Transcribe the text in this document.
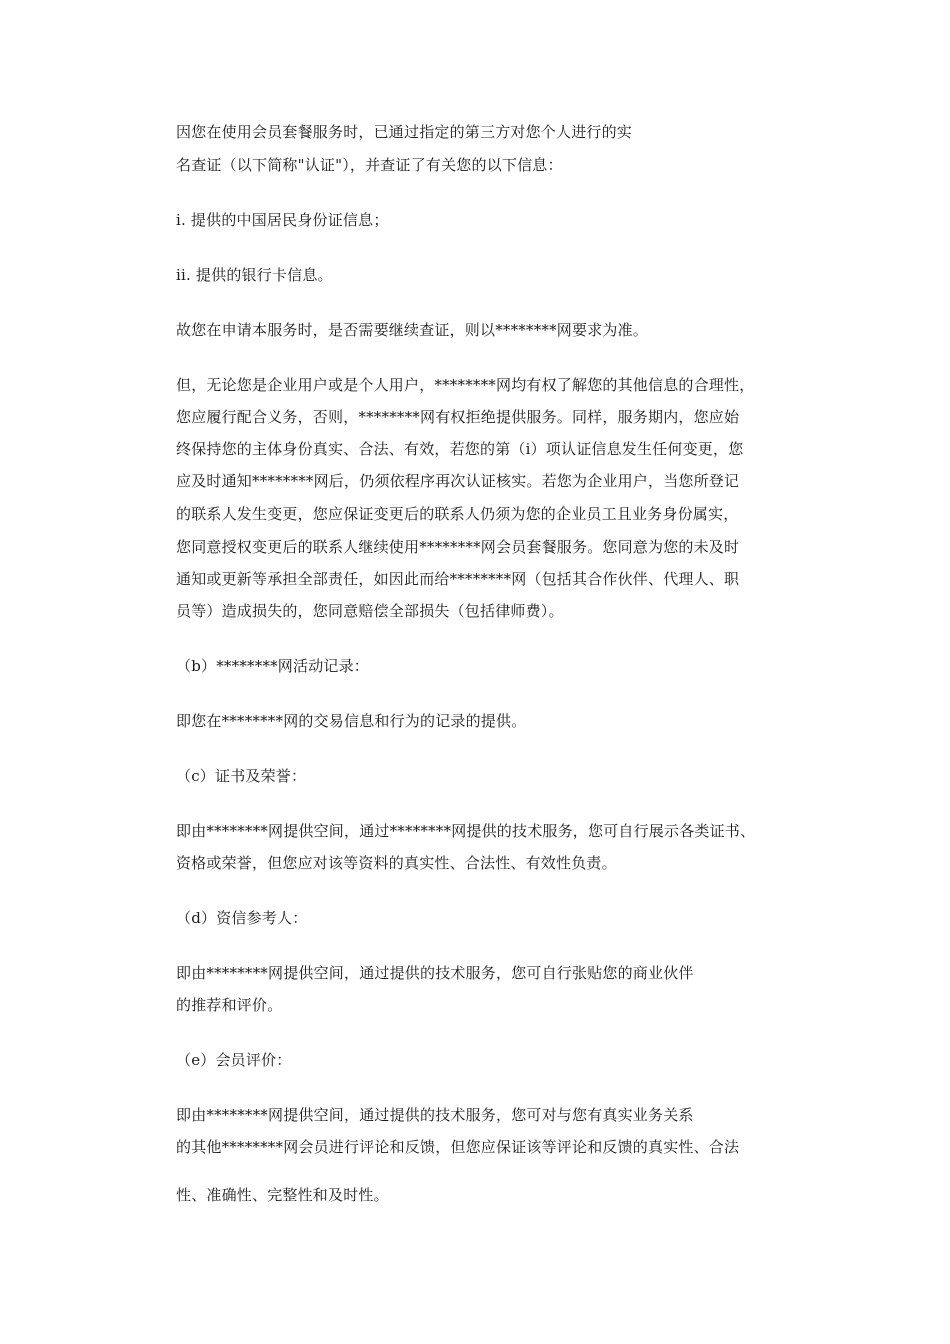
因您在使用会员套餐服务时，已通过指定的第三方对您个人进行的实
名查证（以下简称"认证"），并查证了有关您的以下信息：
i. 提供的中国居民身份证信息；
ii. 提供的银行卡信息。
故您在申请本服务时，是否需要继续查证，则以********网要求为准。
但，无论您是企业用户或是个人用户，********网均有权了解您的其他信息的合理性，
您应履行配合义务，否则，********网有权拒绝提供服务。同样，服务期内，您应始
终保持您的主体身份真实、合法、有效，若您的第（i）项认证信息发生任何变更，您
应及时通知********网后，仍须依程序再次认证核实。若您为企业用户，当您所登记
的联系人发生变更，您应保证变更后的联系人仍须为您的企业员工且业务身份属实，
您同意授权变更后的联系人继续使用********网会员套餐服务。您同意为您的未及时
通知或更新等承担全部责任，如因此而给********网（包括其合作伙伴、代理人、职
员等）造成损失的，您同意赔偿全部损失（包括律师费）。
（b）********网活动记录：
即您在********网的交易信息和行为的记录的提供。
（c）证书及荣誉：
即由********网提供空间，通过********网提供的技术服务，您可自行展示各类证书、
资格或荣誉，但您应对该等资料的真实性、合法性、有效性负责。
（d）资信参考人：
即由********网提供空间，通过提供的技术服务，您可自行张贴您的商业伙伴
的推荐和评价。
（e）会员评价：
即由********网提供空间，通过提供的技术服务，您可对与您有真实业务关系
的其他********网会员进行评论和反馈，但您应保证该等评论和反馈的真实性、合法
性、准确性、完整性和及时性。
